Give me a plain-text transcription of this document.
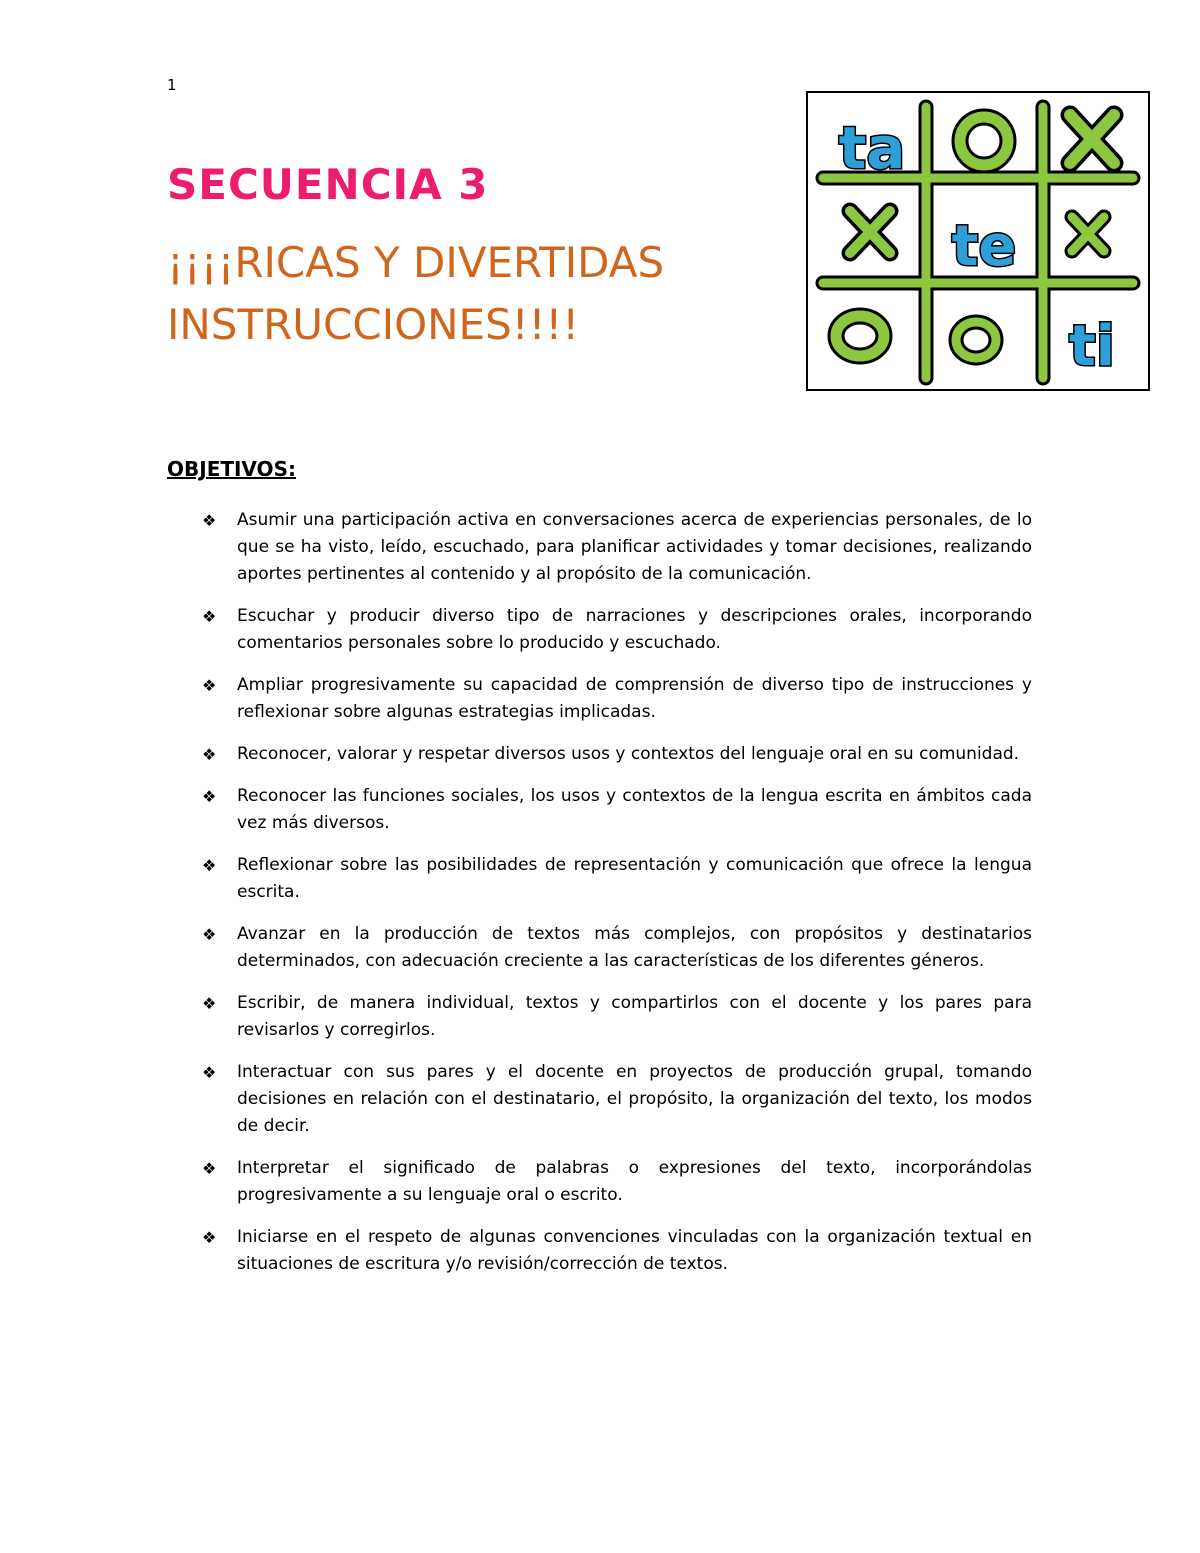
1
SECUENCIA 3
¡¡¡¡RICAS Y DIVERTIDAS INSTRUCCIONES!!!!
ta
te
ti
OBJETIVOS:
❖ Asumir una participación activa en conversaciones acerca de experiencias personales, de lo que se ha visto, leído, escuchado, para planificar actividades y tomar decisiones, realizando aportes pertinentes al contenido y al propósito de la comunicación.
❖ Escuchar y producir diverso tipo de narraciones y descripciones orales, incorporando comentarios personales sobre lo producido y escuchado.
❖ Ampliar progresivamente su capacidad de comprensión de diverso tipo de instrucciones y reflexionar sobre algunas estrategias implicadas.
❖ Reconocer, valorar y respetar diversos usos y contextos del lenguaje oral en su comunidad.
❖ Reconocer las funciones sociales, los usos y contextos de la lengua escrita en ámbitos cada vez más diversos.
❖ Reflexionar sobre las posibilidades de representación y comunicación que ofrece la lengua escrita.
❖ Avanzar en la producción de textos más complejos, con propósitos y destinatarios determinados, con adecuación creciente a las características de los diferentes géneros.
❖ Escribir, de manera individual, textos y compartirlos con el docente y los pares para revisarlos y corregirlos.
❖ Interactuar con sus pares y el docente en proyectos de producción grupal, tomando decisiones en relación con el destinatario, el propósito, la organización del texto, los modos de decir.
❖ Interpretar el significado de palabras o expresiones del texto, incorporándolas progresivamente a su lenguaje oral o escrito.
❖ Iniciarse en el respeto de algunas convenciones vinculadas con la organización textual en situaciones de escritura y/o revisión/corrección de textos.
